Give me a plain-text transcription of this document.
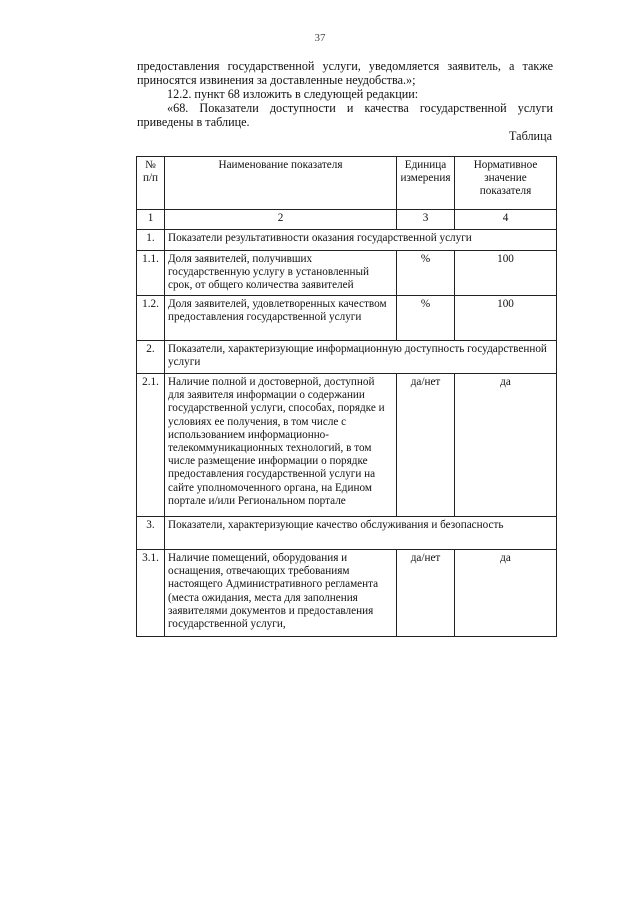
37

предоставления государственной услуги, уведомляется заявитель, а также

приносятся извинения за доставленные неудобства.»;

12.2. пункт 68 изложить в следующей редакции:

«68. Показатели доступности и качества государственной услуги

приведены в таблице.

Таблица
№ п/п	Наименование показателя	Единица измерения	Нормативное значение показателя
1	2	3	4
1.	Показатели результативности оказания государственной услуги		
1.1.	Доля заявителей, получивших государственную услугу в установленный срок, от общего количества заявителей	%	100
1.2.	Доля заявителей, удовлетворенных качеством предоставления государственной услуги	%	100
2.	Показатели, характеризующие информационную доступность государственной услуги		
2.1.	Наличие полной и достоверной, доступной для заявителя информации о содержании государственной услуги, способах, порядке и условиях ее получения, в том числе с использованием информационно-телекоммуникационных технологий, в том числе размещение информации о порядке предоставления государственной услуги на сайте уполномоченного органа, на Едином портале и/или Региональном портале	да/нет	да
3.	Показатели, характеризующие качество обслуживания и безопасность		
3.1.	Наличие помещений, оборудования и оснащения, отвечающих требованиям настоящего Административного регламента (места ожидания, места для заполнения заявителями документов и предоставления государственной услуги,	да/нет	да
